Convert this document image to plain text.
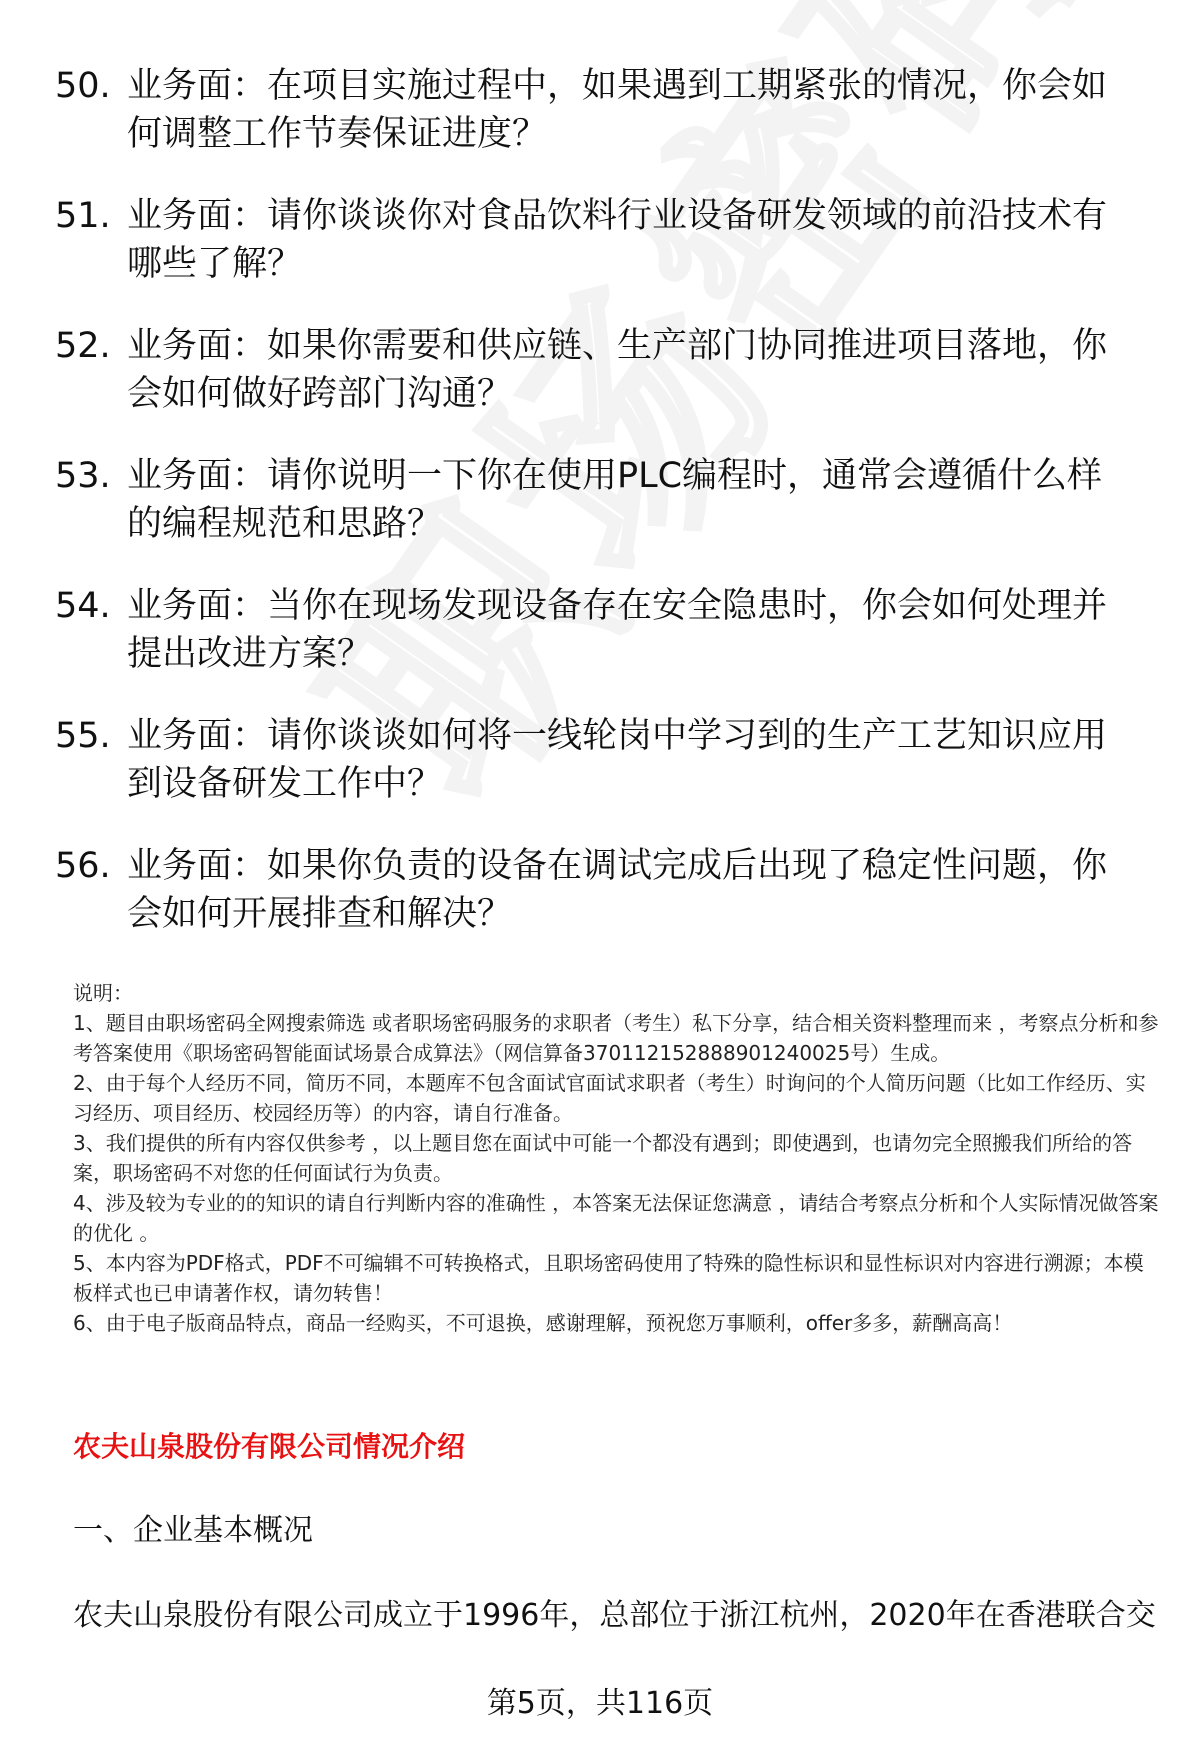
50. 业务面：在项目实施过程中，如果遇到工期紧张的情况，你会如何调整工作节奏保证进度？
51. 业务面：请你谈谈你对食品饮料行业设备研发领域的前沿技术有哪些了解？
52. 业务面：如果你需要和供应链、生产部门协同推进项目落地，你会如何做好跨部门沟通？
53. 业务面：请你说明一下你在使用PLC编程时，通常会遵循什么样的编程规范和思路？
54. 业务面：当你在现场发现设备存在安全隐患时，你会如何处理并提出改进方案？
55. 业务面：请你谈谈如何将一线轮岗中学习到的生产工艺知识应用到设备研发工作中？
56. 业务面：如果你负责的设备在调试完成后出现了稳定性问题，你会如何开展排查和解决？

说明：

1、题目由职场密码全网搜索筛选 或者职场密码服务的求职者（考生）私下分享，结合相关资料整理而来 ，考察点分析和参考答案使用《职场密码智能面试场景合成算法》（网信算备370112152888901240025号）生成。

2、由于每个人经历不同，简历不同，本题库不包含面试官面试求职者（考生）时询问的个人简历问题（比如工作经历、实习经历、项目经历、校园经历等）的内容，请自行准备。

3、我们提供的所有内容仅供参考 ，以上题目您在面试中可能一个都没有遇到；即使遇到，也请勿完全照搬我们所给的答案，职场密码不对您的任何面试行为负责。

4、涉及较为专业的的知识的请自行判断内容的准确性 ，本答案无法保证您满意 ，请结合考察点分析和个人实际情况做答案的优化 。

5、本内容为PDF格式，PDF不可编辑不可转换格式，且职场密码使用了特殊的隐性标识和显性标识对内容进行溯源；本模板样式也已申请著作权，请勿转售！

6、由于电子版商品特点，商品一经购买，不可退换，感谢理解，预祝您万事顺利，offer多多，薪酬高高！

农夫山泉股份有限公司情况介绍
一、企业基本概况
农夫山泉股份有限公司成立于1996年，总部位于浙江杭州，2020年在香港联合交
第5页，共116页
